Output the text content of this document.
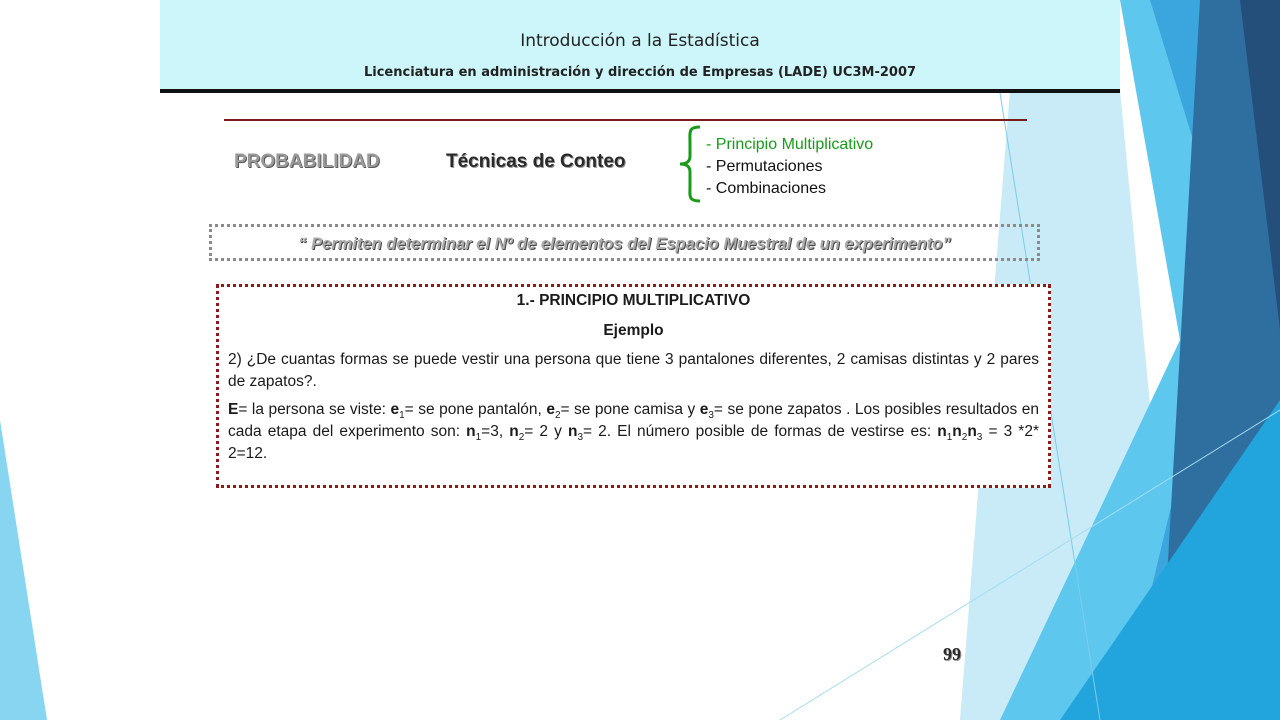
Introducción a la Estadística
Licenciatura en administración y dirección de Empresas (LADE) UC3M-2007
PROBABILIDAD	Técnicas de Conteo
- Principio Multiplicativo
- Permutaciones
- Combinaciones
“ Permiten determinar el Nº de elementos del Espacio Muestral de un experimento”

1.- PRINCIPIO MULTIPLICATIVO

Ejemplo

2) ¿De cuantas formas se puede vestir una persona que tiene 3 pantalones diferentes, 2 camisas distintas y 2 pares de zapatos?.

E= la persona se viste: $e_1=$ se pone pantalón, $e_2=$ se pone camisa y $e_3=$ se pone zapatos . Los posibles resultados en cada etapa del experimento son: $n_1=3$, $n_2= 2$ y $n_3= 2$. El número posible de formas de vestirse es: $n_1n_2n_3 = 3$ *2* 2=12.

99
